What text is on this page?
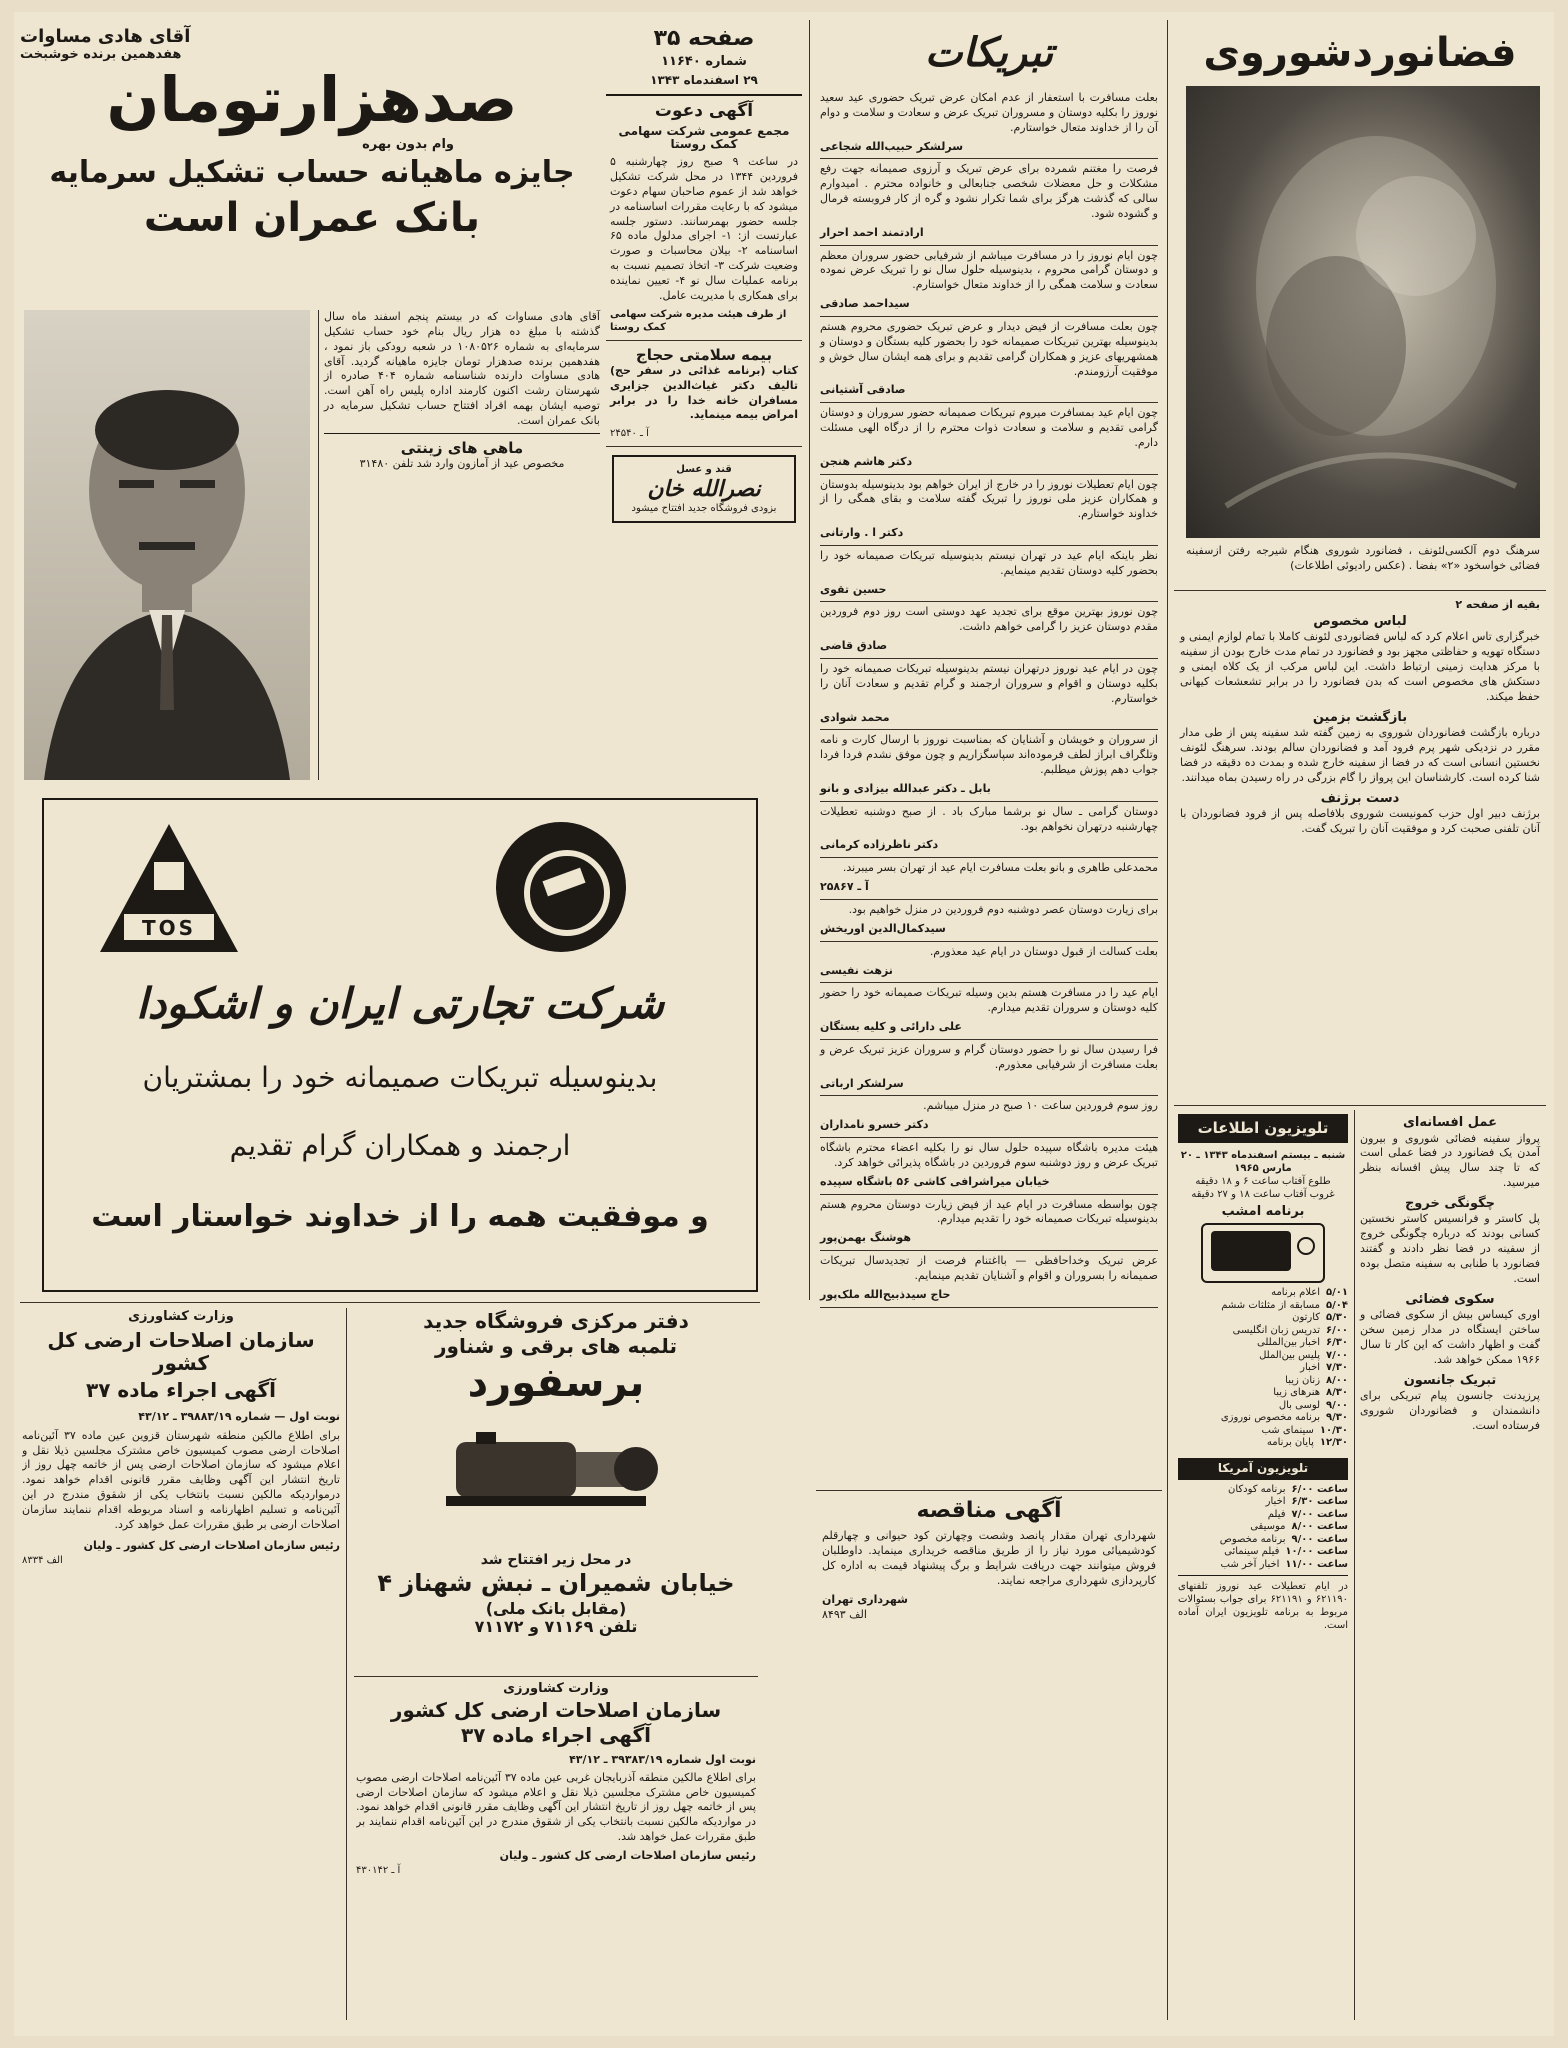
فضانوردشوروی
سرهنگ دوم آلکسی‌لئونف ، فضانورد شوروی هنگام شیرجه رفتن ازسفینه فضائی خواسخود «۲» بفضا . (عکس رادیوئی اطلاعات)
بقیه از صفحه ۲
لباس مخصوص

خبرگزاری تاس اعلام کرد که لباس فضانوردی لئونف کاملا با تمام لوازم ایمنی و دستگاه تهویه و حفاظتی مجهز بود و فضانورد در تمام مدت خارج بودن از سفینه با مرکز هدایت زمینی ارتباط داشت. این لباس مرکب از یک کلاه ایمنی و دستکش های مخصوص است که بدن فضانورد را در برابر تشعشعات کیهانی حفظ میکند.

بازگشت بزمین

درباره بازگشت فضانوردان شوروی به زمین گفته شد سفینه پس از طی مدار مقرر در نزدیکی شهر پرم فرود آمد و فضانوردان سالم بودند. سرهنگ لئونف نخستین انسانی است که در فضا از سفینه خارج شده و بمدت ده دقیقه در فضا شنا کرده است. کارشناسان این پرواز را گام بزرگی در راه رسیدن بماه میدانند.

دست برژنف

برژنف دبیر اول حزب کمونیست شوروی بلافاصله پس از فرود فضانوردان با آنان تلفنی صحبت کرد و موفقیت آنان را تبریک گفت.

عمل افسانه‌ای

پرواز سفینه فضائی شوروی و بیرون آمدن یک فضانورد در فضا عملی است که تا چند سال پیش افسانه بنظر میرسید.

چگونگی خروج

پل کاستر و فرانسیس کاستر نخستین کسانی بودند که درباره چگونگی خروج از سفینه در فضا نظر دادند و گفتند فضانورد با طنابی به سفینه متصل بوده است.

سکوی فضائی

اوری کیساس بیش از سکوی فضائی و ساختن ایستگاه در مدار زمین سخن گفت و اظهار داشت که این کار تا سال ۱۹۶۶ ممکن خواهد شد.

تبریک جانسون

پرزیدنت جانسون پیام تبریکی برای دانشمندان و فضانوردان شوروی فرستاده است.

تلویزیون اطلاعات
شنبه ـ بیستم اسفندماه ۱۳۴۳ ـ ۲۰ مارس ۱۹۶۵
طلوع آفتاب ساعت ۶ و ۱۸ دقیقه
غروب آفتاب ساعت ۱۸ و ۲۷ دقیقه
برنامه امشب
۵/۰۱
اعلام برنامه
۵/۰۴
مسابقه از مثلثات ششم
۵/۳۰
کارتون
۶/۰۰
تدریس زبان انگلیسی
۶/۳۰
اخبار بین‌المللی
۷/۰۰
پلیس بین‌الملل
۷/۳۰
اخبار
۸/۰۰
زنان زیبا
۸/۳۰
هنرهای زیبا
۹/۰۰
لوسی بال
۹/۳۰
برنامه مخصوص نوروزی
۱۰/۳۰
سینمای شب
۱۲/۳۰
پایان برنامه
تلویزیون آمریکا
ساعت ۶/۰۰
برنامه کودکان
ساعت ۶/۳۰
اخبار
ساعت ۷/۰۰
فیلم
ساعت ۸/۰۰
موسیقی
ساعت ۹/۰۰
برنامه مخصوص
ساعت ۱۰/۰۰
فیلم سینمائی
ساعت ۱۱/۰۰
اخبار آخر شب
در ایام تعطیلات عید نوروز تلفنهای ۶۲۱۱۹۰ و ۶۲۱۱۹۱ برای جواب بسئوالات مربوط به برنامه تلویزیون ایران آماده است.
تبریکات

بعلت مسافرت با استعفار از عدم امکان عرض تبریک حضوری عید سعید نوروز را بکلیه دوستان و مسروران تبریک عرض و سعادت و سلامت و دوام آن را از خداوند متعال خواستارم.

سرلشکر حبیب‌الله شجاعی

فرصت را مغتنم شمرده برای عرض تبریک و آرزوی صمیمانه جهت رفع مشکلات و حل معضلات شخصی جنابعالی و خانواده محترم . امیدوارم سالی که گذشت هرگز برای شما تکرار نشود و گره از کار فروبسته فرمال و گشوده شود.

ارادتمند احمد احرار

چون ایام نوروز را در مسافرت میباشم از شرفیابی حضور سروران معظم و دوستان گرامی محروم ، بدینوسیله حلول سال نو را تبریک عرض نموده سعادت و سلامت همگی را از خداوند متعال خواستارم.

سیداحمد صادقی

چون بعلت مسافرت از فیض دیدار و عرض تبریک حضوری محروم هستم بدینوسیله بهترین تبریکات صمیمانه خود را بحضور کلیه بستگان و دوستان و همشهریهای عزیز و همکاران گرامی تقدیم و برای همه ایشان سال خوش و موفقیت آرزومندم.

صادقی آشتیانی

چون ایام عید بمسافرت میروم تبریکات صمیمانه حضور سروران و دوستان گرامی تقدیم و سلامت و سعادت ذوات محترم را از درگاه الهی مسئلت دارم.

دکتر هاشم هنجن

چون ایام تعطیلات نوروز را در خارج از ایران خواهم بود بدینوسیله بدوستان و همکاران عزیز ملی نوروز را تبریک گفته سلامت و بقای همگی را از خداوند خواستارم.

دکتر ا . وارتانی

نظر باینکه ایام عید در تهران نیستم بدینوسیله تبریکات صمیمانه خود را بحضور کلیه دوستان تقدیم مینمایم.

حسین تقوی

چون نوروز بهترین موقع برای تجدید عهد دوستی است روز دوم فروردین مقدم دوستان عزیز را گرامی خواهم داشت.

صادق قاضی

چون در ایام عید نوروز درتهران نیستم بدینوسیله تبریکات صمیمانه خود را بکلیه دوستان و اقوام و سروران ارجمند و گرام تقدیم و سعادت آنان را خواستارم.

محمد شوادی

از سروران و خویشان و آشنایان که بمناسبت نوروز با ارسال کارت و نامه وتلگراف ابراز لطف فرموده‌اند سپاسگزاریم و چون موفق نشدم فردا فردا جواب دهم پوزش میطلبم.

بابل ـ دکتر عبدالله بیزادی و بانو

دوستان گرامی ـ سال نو برشما مبارک باد . از صبح دوشنبه تعطیلات چهارشنبه درتهران نخواهم بود.

دکتر ناظرزاده کرمانی

محمدعلی طاهری و بانو بعلت مسافرت ایام عید از تهران بسر میبرند.

آ ـ ۲۵۸۶۷

برای زیارت دوستان عصر دوشنبه دوم فروردین در منزل خواهیم بود.

سیدکمال‌الدین اوریخش

بعلت کسالت از قبول دوستان در ایام عید معذورم.

نزهت نفیسی

ایام عید را در مسافرت هستم بدین وسیله تبریکات صمیمانه خود را حضور کلیه دوستان و سروران تقدیم میدارم.

علی دارائی و کلیه بستگان

فرا رسیدن سال نو را حضور دوستان گرام و سروران عزیز تبریک عرض و بعلت مسافرت از شرفیابی معذورم.

سرلشکر ارباتی

روز سوم فروردین ساعت ۱۰ صبح در منزل میباشم.

دکتر خسرو نامداران

هیئت مدیره باشگاه سپیده حلول سال نو را بکلیه اعضاء محترم باشگاه تبریک عرض و روز دوشنبه سوم فروردین در باشگاه پذیرائی خواهد کرد.

خیابان میراشرافی کاشی ۵۶ باشگاه سپیده

چون بواسطه مسافرت در ایام عید از فیض زیارت دوستان محروم هستم بدینوسیله تبریکات صمیمانه خود را تقدیم میدارم.

هوشنگ بهمن‌پور

عرض تبریک وخداحافظی — بااغتنام فرصت از تجدیدسال تبریکات صمیمانه را بسروران و اقوام و آشنایان تقدیم مینمایم.

حاج سیدذبیح‌الله ملک‌پور
آگهی مناقصه

شهرداری تهران مقدار پانصد وشصت وچهارتن کود حیوانی و چهارقلم کودشیمیائی مورد نیاز را از طریق مناقصه خریداری مینماید. داوطلبان فروش میتوانند جهت دریافت شرایط و برگ پیشنهاد قیمت به اداره کل کارپردازی شهرداری مراجعه نمایند.

شهرداری تهران
الف ۸۴۹۳
صفحه ۳۵
شماره ۱۱۶۴۰
۲۹ اسفندماه ۱۳۴۳
آگهی دعوت
مجمع عمومی شرکت سهامی کمک روستا

در ساعت ۹ صبح روز چهارشنبه ۵ فروردین ۱۳۴۴ در محل شرکت تشکیل خواهد شد از عموم صاحبان سهام دعوت میشود که با رعایت مقررات اساسنامه در جلسه حضور بهمرسانند. دستور جلسه عبارتست از: ۱- اجرای مدلول ماده ۶۵ اساسنامه ۲- بیلان محاسبات و صورت وضعیت شرکت ۳- اتخاذ تصمیم نسبت به برنامه عملیات سال نو ۴- تعیین نماینده برای همکاری با مدیریت عامل.

از طرف هیئت مدیره شرکت سهامی کمک روستا
بیمه سلامتی حجاج

کتاب (برنامه غذائی در سفر حج) تالیف دکتر غیاث‌الدین جزایری مسافران خانه خدا را در برابر امراض بیمه مینماید.

آ ـ ۲۴۵۴۰
قند و عسل
نصرالله خان
بزودی فروشگاه جدید افتتاح میشود
آقای هادی مساوات
هفدهمین برنده خوشبخت
صدهزارتومان
وام بدون بهره
جایزه ماهیانه حساب تشکیل سرمایه
بانک عمران است

آقای هادی مساوات که در بیستم پنجم اسفند ماه سال گذشته با مبلغ ده هزار ریال بنام خود حساب تشکیل سرمایه‌ای به شماره ۱۰۸۰۵۲۶ در شعبه رودکی باز نمود ، هفدهمین برنده صدهزار تومان جایزه ماهیانه گردید. آقای هادی مساوات دارنده شناسنامه شماره ۴۰۴ صادره از شهرستان رشت اکنون کارمند اداره پلیس راه آهن است. توصیه ایشان بهمه افراد افتتاح حساب تشکیل سرمایه در بانک عمران است.

ماهی های زینتی
مخصوص عید از آمازون وارد شد تلفن ۳۱۴۸۰
TOS
شرکت تجارتی ایران و اشکودا
بدینوسیله تبریکات صمیمانه خود را بمشتریان
ارجمند و همکاران گرام تقدیم
و موفقیت همه را از خداوند خواستار است
وزارت کشاورزی
سازمان اصلاحات ارضی کل کشور
آگهی اجراء ماده ۳۷
نوبت اول — شماره ۳۹۸۸۳/۱۹ ـ ۴۳/۱۲

برای اطلاع مالکین منطقه شهرستان قزوین عین ماده ۳۷ آئین‌نامه اصلاحات ارضی مصوب کمیسیون خاص مشترک مجلسین ذیلا نقل و اعلام میشود که سازمان اصلاحات ارضی پس از خاتمه چهل روز از تاریخ انتشار این آگهی وظایف مقرر قانونی اقدام خواهد نمود. درمواردیکه مالکین نسبت بانتخاب یکی از شقوق مندرج در این آئین‌نامه و تسلیم اظهارنامه و اسناد مربوطه اقدام ننمایند سازمان اصلاحات ارضی بر طبق مقررات عمل خواهد کرد.

رئیس سازمان اصلاحات ارضی کل کشور ـ ولیان
الف ۸۳۳۴
دفتر مرکزی فروشگاه جدید
تلمبه های برقی و شناور
برسفورد
در محل زیر افتتاح شد
خیابان شمیران ـ نبش شهناز ۴
(مقابل بانک ملی)
تلفن ۷۱۱۶۹ و ۷۱۱۷۲
وزارت کشاورزی
سازمان اصلاحات ارضی کل کشور
آگهی اجراء ماده ۳۷
نوبت اول شماره ۳۹۳۸۳/۱۹ ـ ۴۳/۱۲

برای اطلاع مالکین منطقه آذربایجان غربی عین ماده ۳۷ آئین‌نامه اصلاحات ارضی مصوب کمیسیون خاص مشترک مجلسین ذیلا نقل و اعلام میشود که سازمان اصلاحات ارضی پس از خاتمه چهل روز از تاریخ انتشار این آگهی وظایف مقرر قانونی اقدام خواهد نمود. در مواردیکه مالکین نسبت بانتخاب یکی از شقوق مندرج در این آئین‌نامه اقدام ننمایند بر طبق مقررات عمل خواهد شد.

رئیس سازمان اصلاحات ارضی کل کشور ـ ولیان
آ ـ ۴۳۰۱۴۲
